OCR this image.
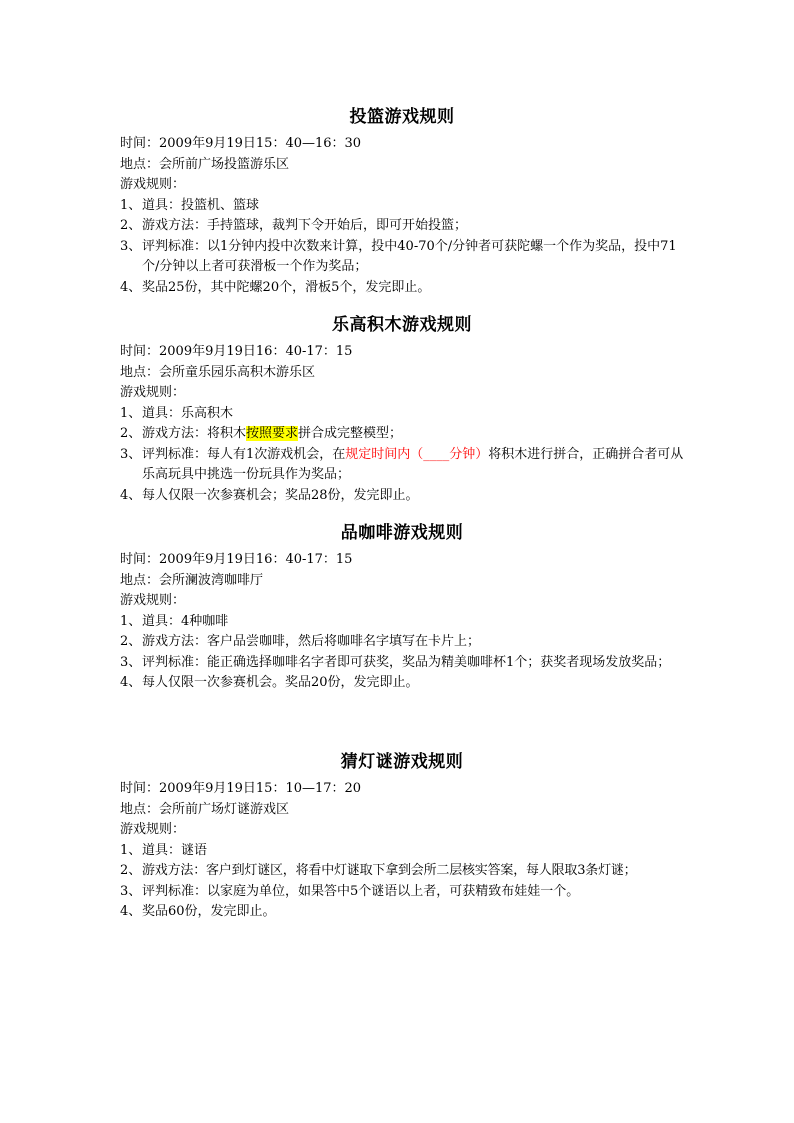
投篮游戏规则
时间：2009年9月19日15：40—16：30
地点：会所前广场投篮游乐区
游戏规则：
1、 道具：投篮机、篮球
2、 游戏方法：手持篮球，裁判下令开始后，即可开始投篮；
3、 评判标准：以1分钟内投中次数来计算，投中40-70个/分钟者可获陀螺一个作为奖品，投中71个/分钟以上者可获滑板一个作为奖品；
4、 奖品25份，其中陀螺20个，滑板5个，发完即止。
乐高积木游戏规则
时间：2009年9月19日16：40-17：15
地点：会所童乐园乐高积木游乐区
游戏规则：
1、 道具：乐高积木
2、 游戏方法：将积木按照要求拼合成完整模型；
3、 评判标准：每人有1次游戏机会，在规定时间内（____分钟）将积木进行拼合，正确拼合者可从乐高玩具中挑选一份玩具作为奖品；
4、 每人仅限一次参赛机会；奖品28份，发完即止。
品咖啡游戏规则
时间：2009年9月19日16：40-17：15
地点：会所澜波湾咖啡厅
游戏规则：
1、 道具：4种咖啡
2、 游戏方法：客户品尝咖啡，然后将咖啡名字填写在卡片上；
3、 评判标准：能正确选择咖啡名字者即可获奖，奖品为精美咖啡杯1个；获奖者现场发放奖品；
4、 每人仅限一次参赛机会。奖品20份，发完即止。
猜灯谜游戏规则
时间：2009年9月19日15：10—17：20
地点：会所前广场灯谜游戏区
游戏规则：
1、 道具：谜语
2、 游戏方法：客户到灯谜区，将看中灯谜取下拿到会所二层核实答案，每人限取3条灯谜；
3、 评判标准：以家庭为单位，如果答中5个谜语以上者，可获精致布娃娃一个。
4、 奖品60份，发完即止。
